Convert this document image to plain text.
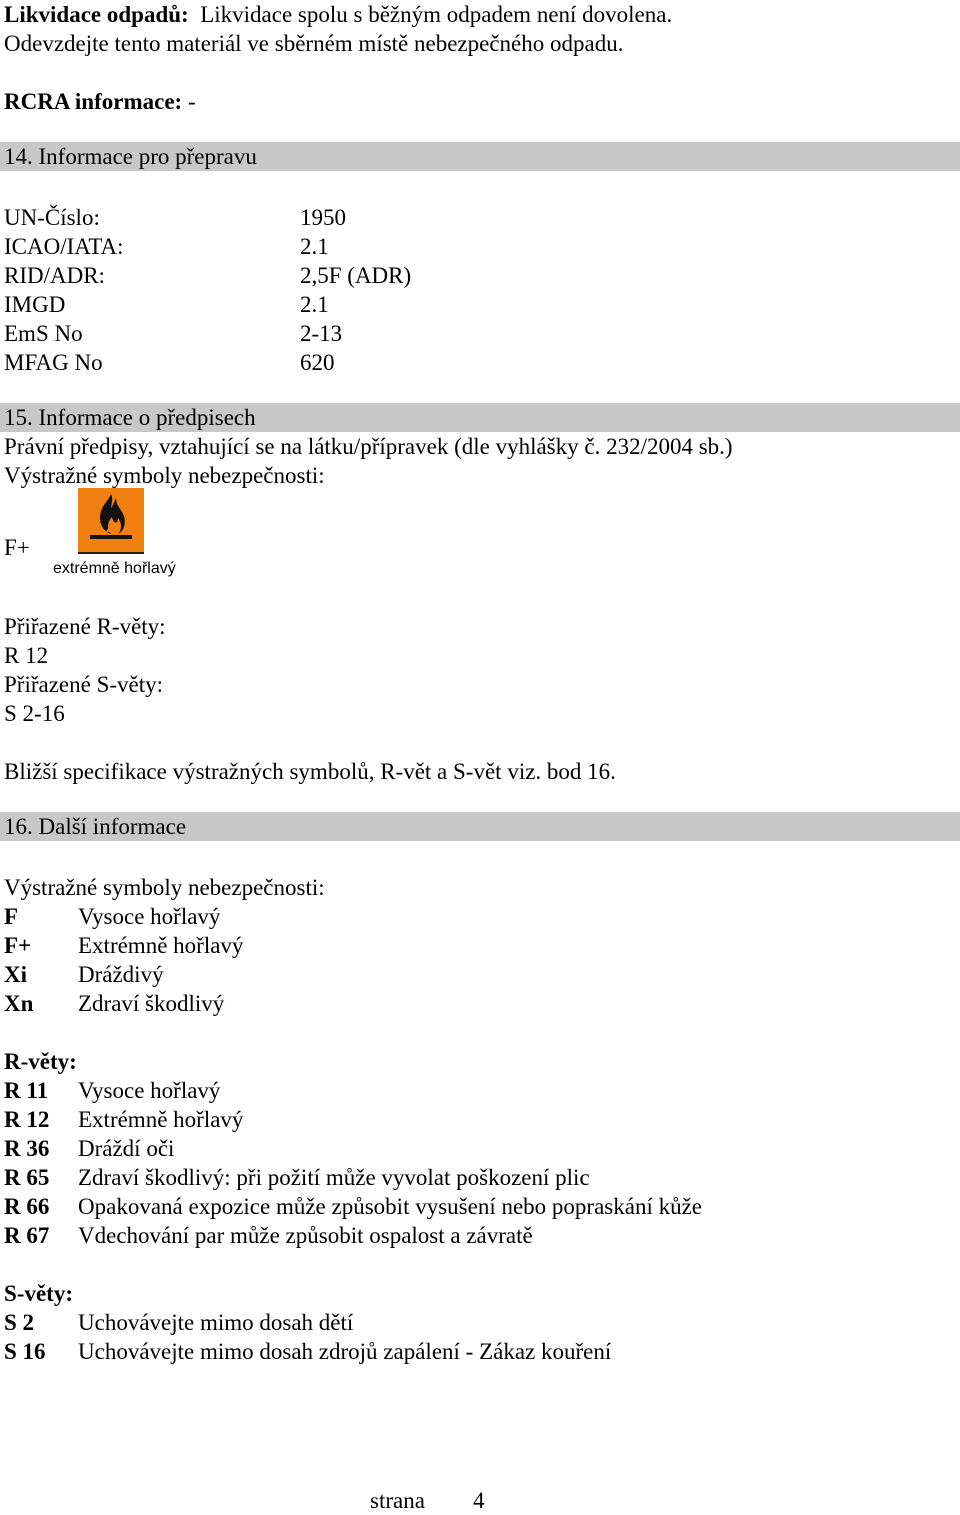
Likvidace odpadů: Likvidace spolu s běžným odpadem není dovolena.
Odevzdejte tento materiál ve sběrném místě nebezpečného odpadu.
RCRA informace: -
14. Informace pro přepravu
UN-Číslo:	1950
ICAO/IATA:	2.1
RID/ADR:	2,5F (ADR)
IMGD	2.1
EmS No	2-13
MFAG No	620
15. Informace o předpisech
Právní předpisy, vztahující se na látku/přípravek (dle vyhlášky č. 232/2004 sb.)
Výstražné symboly nebezpečnosti:
F+
extrémně hořlavý
Přiřazené R-věty:
R 12
Přiřazené S-věty:
S 2-16
Bližší specifikace výstražných symbolů, R-vět a S-vět viz. bod 16.
16. Další informace
Výstražné symboly nebezpečnosti:
F	Vysoce hořlavý
F+ Extrémně hořlavý
Xi Dráždivý
Xn Zdraví škodlivý
R-věty:
R 11 Vysoce hořlavý
R 12 Extrémně hořlavý
R 36 Dráždí oči
R 65 Zdraví škodlivý: při požití může vyvolat poškození plic
R 66 Opakovaná expozice může způsobit vysušení nebo popraskání kůže
R 67 Vdechování par může způsobit ospalost a závratě
S-věty:
S 2 Uchovávejte mimo dosah dětí
S 16 Uchovávejte mimo dosah zdrojů zapálení - Zákaz kouření
strana 4
